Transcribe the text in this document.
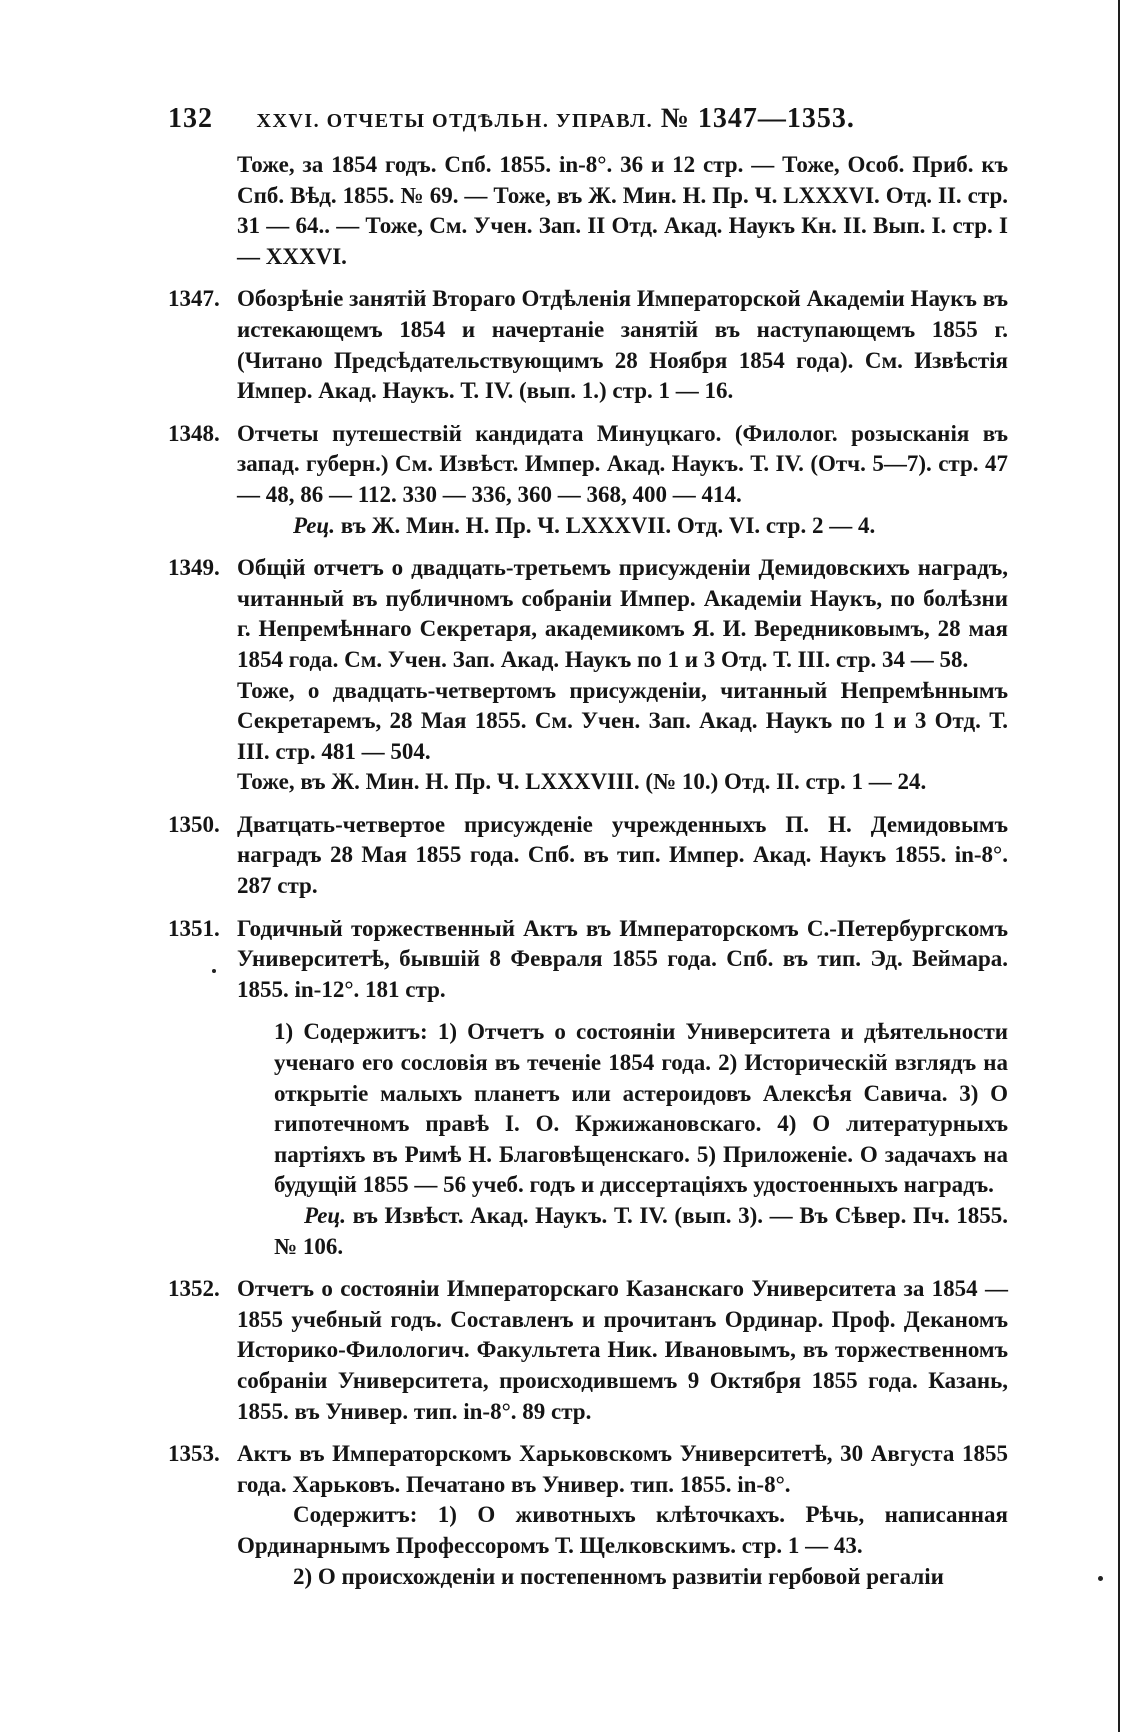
132 XXVI. ОТЧЕТЫ ОТДѢЛЬН. УПРАВЛ. № 1347—1353.
Тоже, за 1854 годъ. Спб. 1855. in-8°. 36 и 12 стр. — Тоже, Особ. Приб. къ Спб. Вѣд. 1855. № 69. — Тоже, въ Ж. Мин. Н. Пр. Ч. LXXXVI. Отд. II. стр. 31 — 64.. — Тоже, См. Учен. Зап. II Отд. Акад. Наукъ Кн. II. Вып. I. стр. I — XXXVI.
1347. Обозрѣніе занятій Втораго Отдѣленія Императорской Академіи Наукъ въ истекающемъ 1854 и начертаніе занятій въ наступающемъ 1855 г. (Читано Предсѣдательствующимъ 28 Ноября 1854 года). См. Извѣстія Импер. Акад. Наукъ. Т. IV. (вып. 1.) стр. 1 — 16.
1348. Отчеты путешествій кандидата Минуцкаго. (Филолог. розысканія въ запад. губерн.) См. Извѣст. Импер. Акад. Наукъ. Т. IV. (Отч. 5—7). стр. 47 — 48, 86 — 112. 330 — 336, 360 — 368, 400 — 414.
Рец. въ Ж. Мин. Н. Пр. Ч. LXXXVII. Отд. VI. стр. 2 — 4.
1349. Общій отчетъ о двадцать-третьемъ присужденіи Демидовскихъ наградъ, читанный въ публичномъ собраніи Импер. Академіи Наукъ, по болѣзни г. Непремѣннаго Секретаря, академикомъ Я. И. Вередниковымъ, 28 мая 1854 года. См. Учен. Зап. Акад. Наукъ по 1 и 3 Отд. Т. III. стр. 34 — 58.
Тоже, о двадцать-четвертомъ присужденіи, читанный Непремѣннымъ Секретаремъ, 28 Мая 1855. См. Учен. Зап. Акад. Наукъ по 1 и 3 Отд. Т. III. стр. 481 — 504.
Тоже, въ Ж. Мин. Н. Пр. Ч. LXXXVIII. (№ 10.) Отд. II. стр. 1 — 24.
1350. Дватцать-четвертое присужденіе учрежденныхъ П. Н. Демидовымъ наградъ 28 Мая 1855 года. Спб. въ тип. Импер. Акад. Наукъ 1855. in-8°. 287 стр.
1351. Годичный торжественный Актъ въ Императорскомъ С.-Петербургскомъ Университетѣ, бывшій 8 Февраля 1855 года. Спб. въ тип. Эд. Веймара. 1855. in-12°. 181 стр.
1) Содержитъ: 1) Отчетъ о состояніи Университета и дѣятельности ученаго его сословія въ теченіе 1854 года. 2) Историческій взглядъ на открытіе малыхъ планетъ или астероидовъ Алексѣя Савича. 3) О гипотечномъ правѣ I. О. Кржижановскаго. 4) О литературныхъ партіяхъ въ Римѣ Н. Благовѣщенскаго. 5) Приложеніе. О задачахъ на будущій 1855 — 56 учеб. годъ и диссертаціяхъ удостоенныхъ наградъ.
Рец. въ Извѣст. Акад. Наукъ. Т. IV. (вып. 3). — Въ Сѣвер. Пч. 1855. № 106.
1352. Отчетъ о состояніи Императорскаго Казанскаго Университета за 1854 — 1855 учебный годъ. Составленъ и прочитанъ Ординар. Проф. Деканомъ Историко-Филологич. Факультета Ник. Ивановымъ, въ торжественномъ собраніи Университета, происходившемъ 9 Октября 1855 года. Казань, 1855. въ Универ. тип. in-8°. 89 стр.
1353. Актъ въ Императорскомъ Харьковскомъ Университетѣ, 30 Августа 1855 года. Харьковъ. Печатано въ Универ. тип. 1855. in-8°.
Содержитъ: 1) О животныхъ клѣточкахъ. Рѣчь, написанная Ординарнымъ Профессоромъ Т. Щелковскимъ. стр. 1 — 43.
2) О происхожденіи и постепенномъ развитіи гербовой регаліи
